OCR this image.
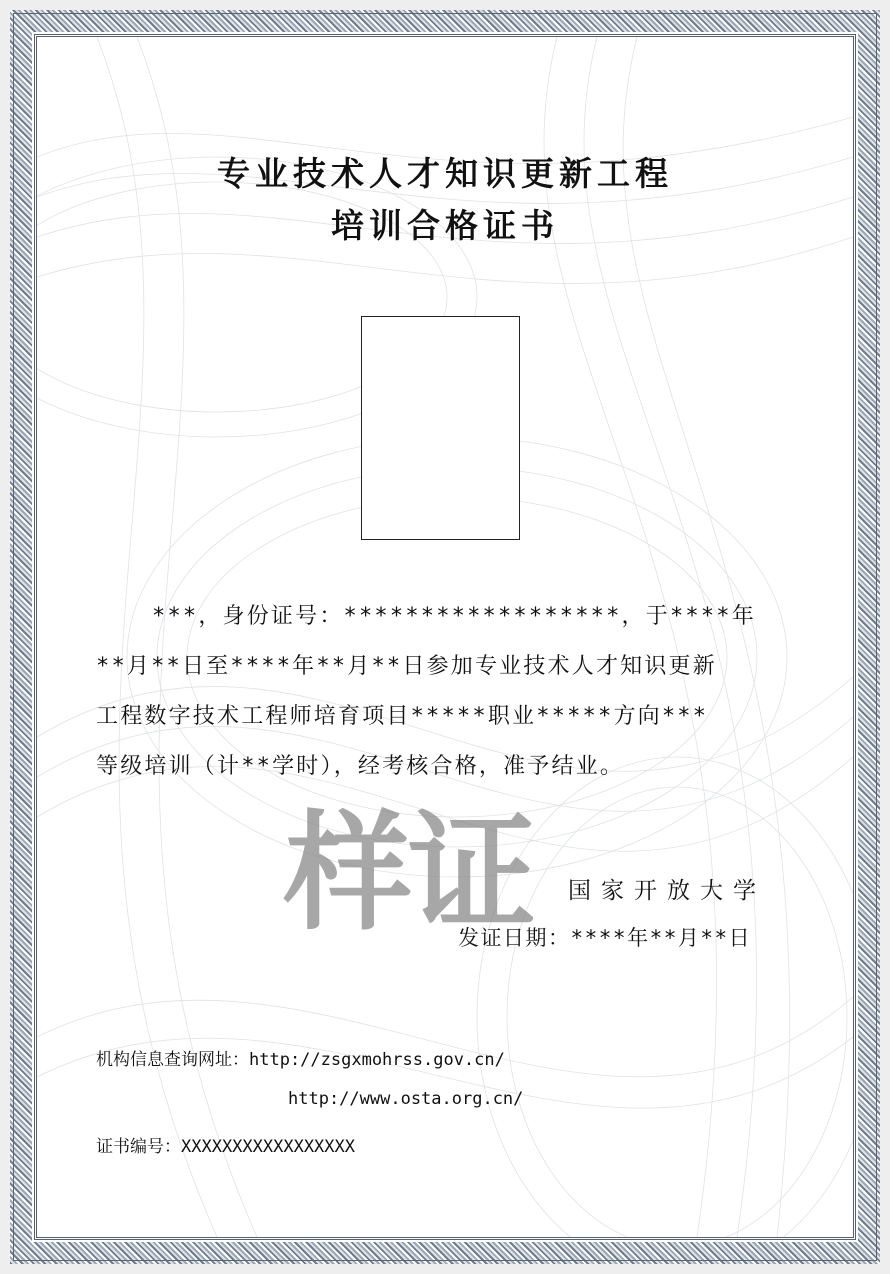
专业技术人才知识更新工程
培训合格证书
***，身份证号：******************，于****年
**月**日至****年**月**日参加专业技术人才知识更新
工程数字技术工程师培育项目*****职业*****方向***
等级培训（计**学时），经考核合格，准予结业。
样证 国家开放大学
发证日期：****年**月**日
机构信息查询网址：http://zsgxmohrss.gov.cn/
http://www.osta.org.cn/
证书编号：XXXXXXXXXXXXXXXXX
